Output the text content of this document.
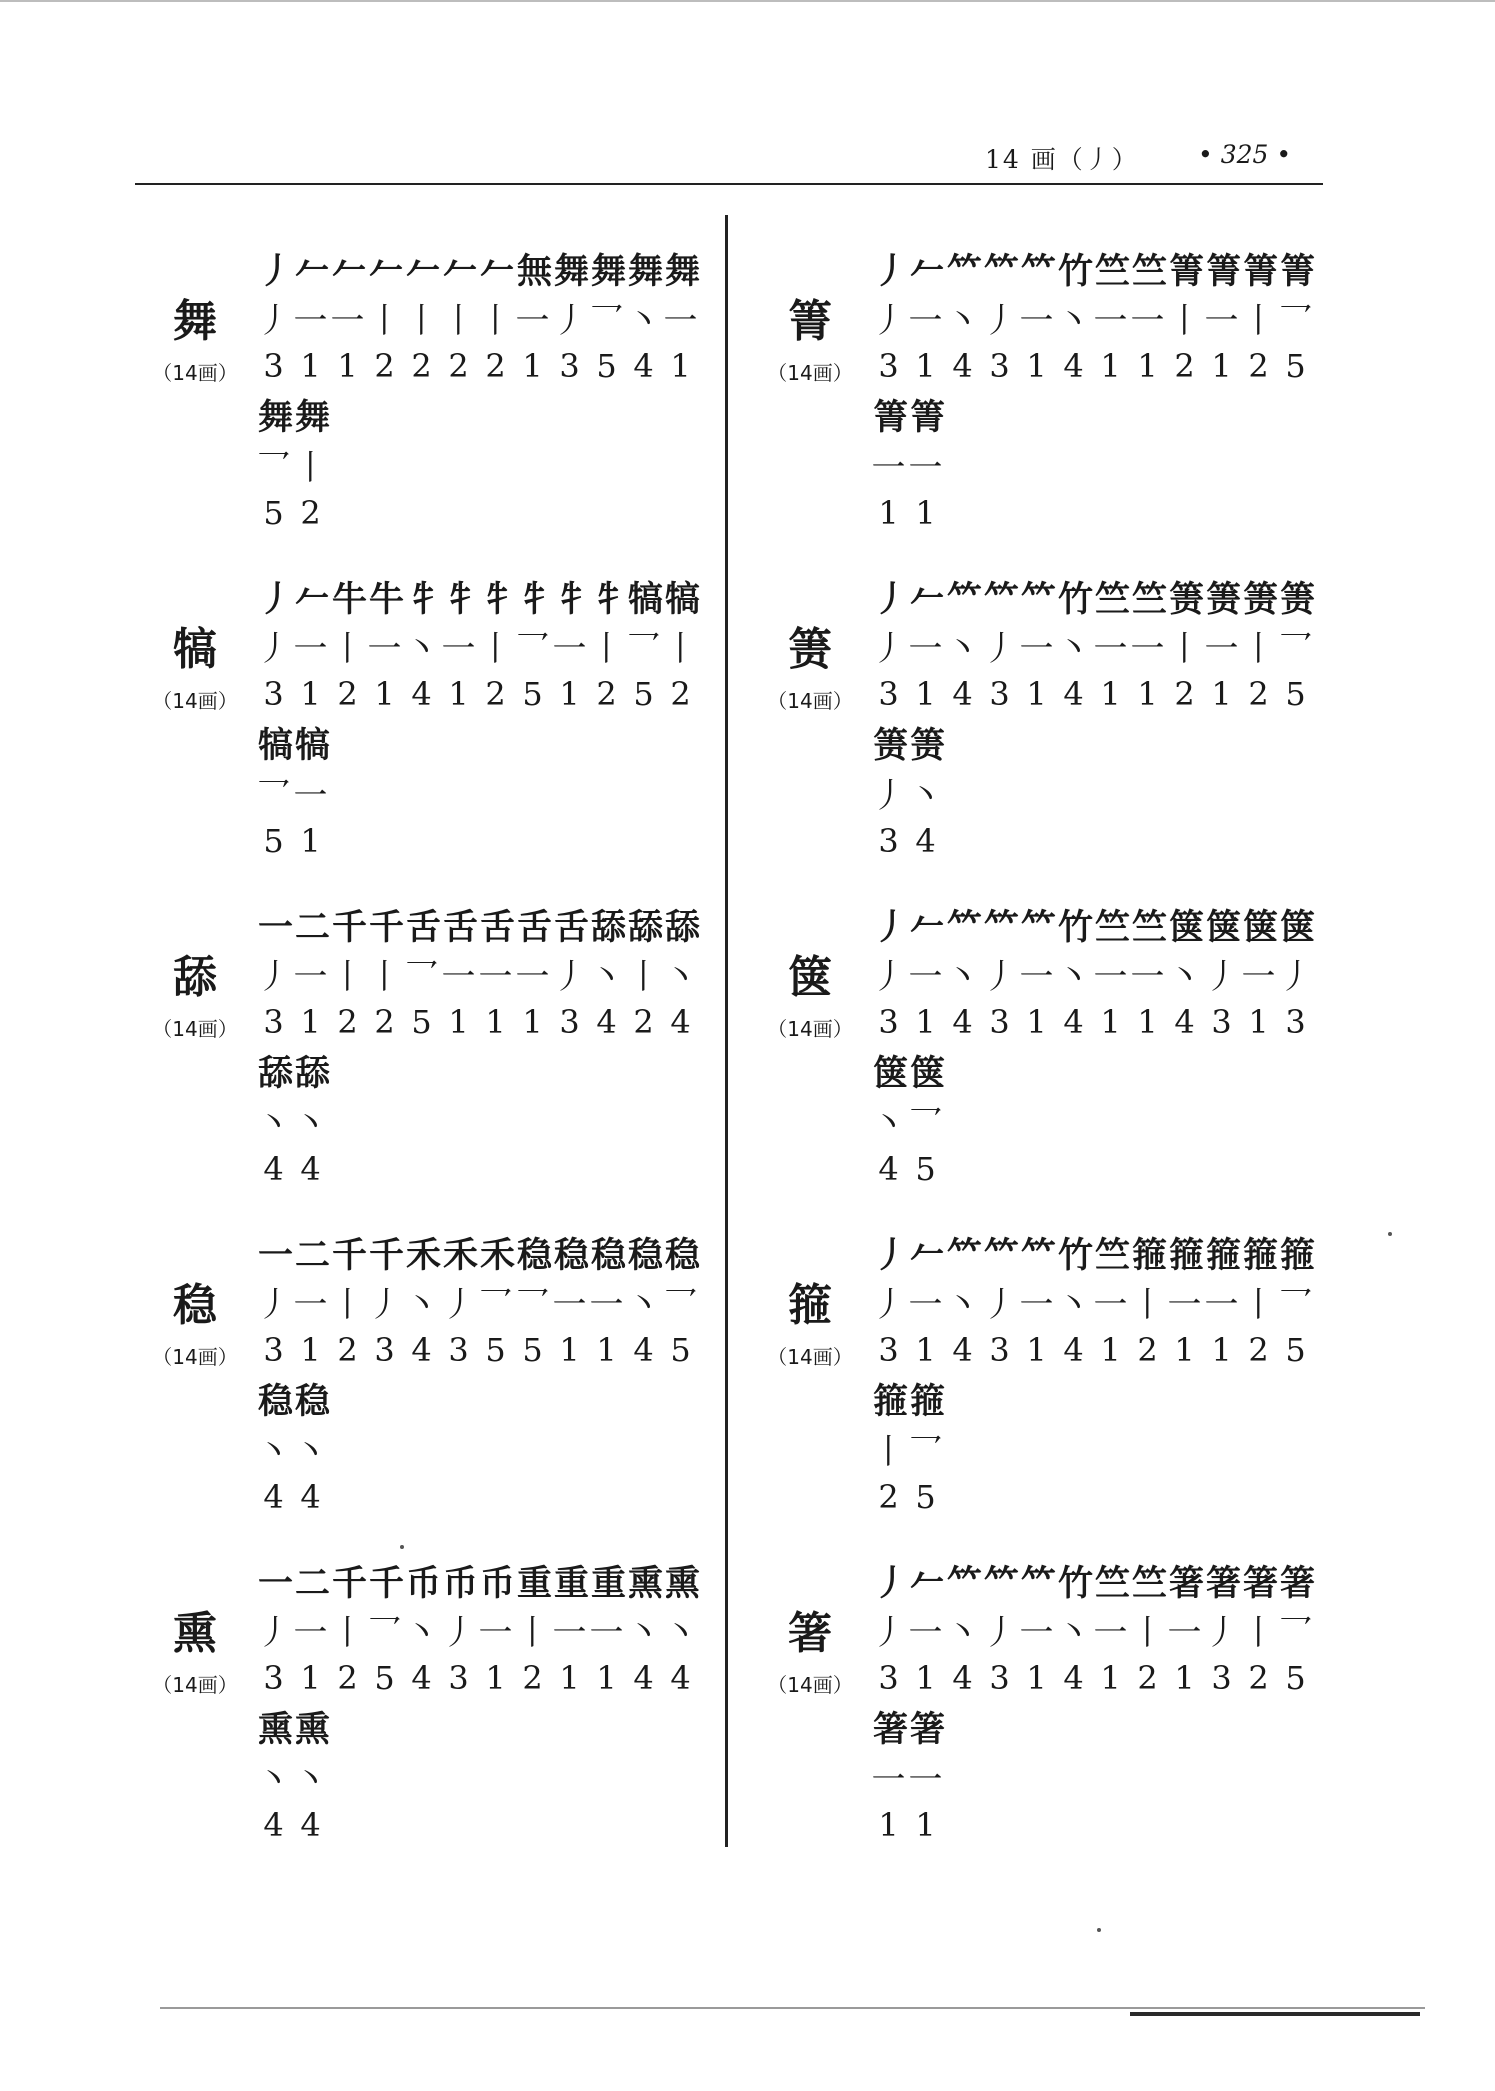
14 画（丿） • 325 •
舞
（14画）
丿 𠂉 𠂉 𠂉 𠂉 𠂉 𠂉 無 舞 舞 舞 舞
丿 一 一 丨 丨 丨 丨 一 丿 乛 丶 一
3 1 1 2 2 2 2 1 3 5 4 1
舞 舞
乛 丨
5 2
犒
（14画）
丿 𠂉 牛 牛 牜 牜 牜 牜 牜 牜 犒 犒
丿 一 丨 一 丶 一 丨 乛 一 丨 乛 丨
3 1 2 1 4 1 2 5 1 2 5 2
犒 犒
乛 一
5 1
舔
（14画）
一 二 千 千 舌 舌 舌 舌 舌 舔 舔 舔
丿 一 丨 丨 乛 一 一 一 丿 丶 丨 丶
3 1 2 2 5 1 1 1 3 4 2 4
舔 舔
丶 丶
4 4
稳
（14画）
一 二 千 千 禾 禾 禾 稳 稳 稳 稳 稳
丿 一 丨 丿 丶 丿 乛 乛 一 一 丶 乛
3 1 2 3 4 3 5 5 1 1 4 5
稳 稳
丶 丶
4 4
熏
（14画）
一 二 千 千 币 币 币 重 重 重 熏 熏
丿 一 丨 乛 丶 丿 一 丨 一 一 丶 丶
3 1 2 5 4 3 1 2 1 1 4 4
熏 熏
丶 丶
4 4
箐
（14画）
丿 𠂉 𥫗 𥫗 𥫗 竹 竺 竺 箐 箐 箐 箐
丿 一 丶 丿 一 丶 一 一 丨 一 丨 乛
3 1 4 3 1 4 1 1 2 1 2 5
箐 箐
一 一
1 1
箦
（14画）
丿 𠂉 𥫗 𥫗 𥫗 竹 竺 竺 箦 箦 箦 箦
丿 一 丶 丿 一 丶 一 一 丨 一 丨 乛
3 1 4 3 1 4 1 1 2 1 2 5
箦 箦
丿 丶
3 4
箧
（14画）
丿 𠂉 𥫗 𥫗 𥫗 竹 竺 竺 箧 箧 箧 箧
丿 一 丶 丿 一 丶 一 一 丶 丿 一 丿
3 1 4 3 1 4 1 1 4 3 1 3
箧 箧
丶 乛
4 5
箍
（14画）
丿 𠂉 𥫗 𥫗 𥫗 竹 竺 箍 箍 箍 箍 箍
丿 一 丶 丿 一 丶 一 丨 一 一 丨 乛
3 1 4 3 1 4 1 2 1 1 2 5
箍 箍
丨 乛
2 5
箸
（14画）
丿 𠂉 𥫗 𥫗 𥫗 竹 竺 竺 箸 箸 箸 箸
丿 一 丶 丿 一 丶 一 丨 一 丿 丨 乛
3 1 4 3 1 4 1 2 1 3 2 5
箸 箸
一 一
1 1
